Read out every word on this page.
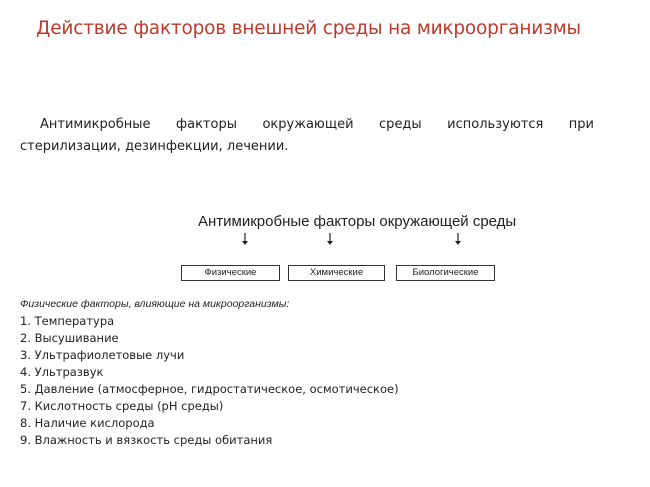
Действие факторов внешней среды на микроорганизмы
Антимикробные факторы окружающей среды используются при
стерилизации, дезинфекции, лечении.
Антимикробные факторы окружающей среды
Физические	Химические	Биологические
Физические факторы, влияющие на микроорганизмы:
1. Температура
2. Высушивание
3. Ультрафиолетовые лучи
4. Ультразвук
5. Давление (атмосферное, гидростатическое, осмотическое)
7. Кислотность среды (pH среды)
8. Наличие кислорода
9. Влажность и вязкость среды обитания
